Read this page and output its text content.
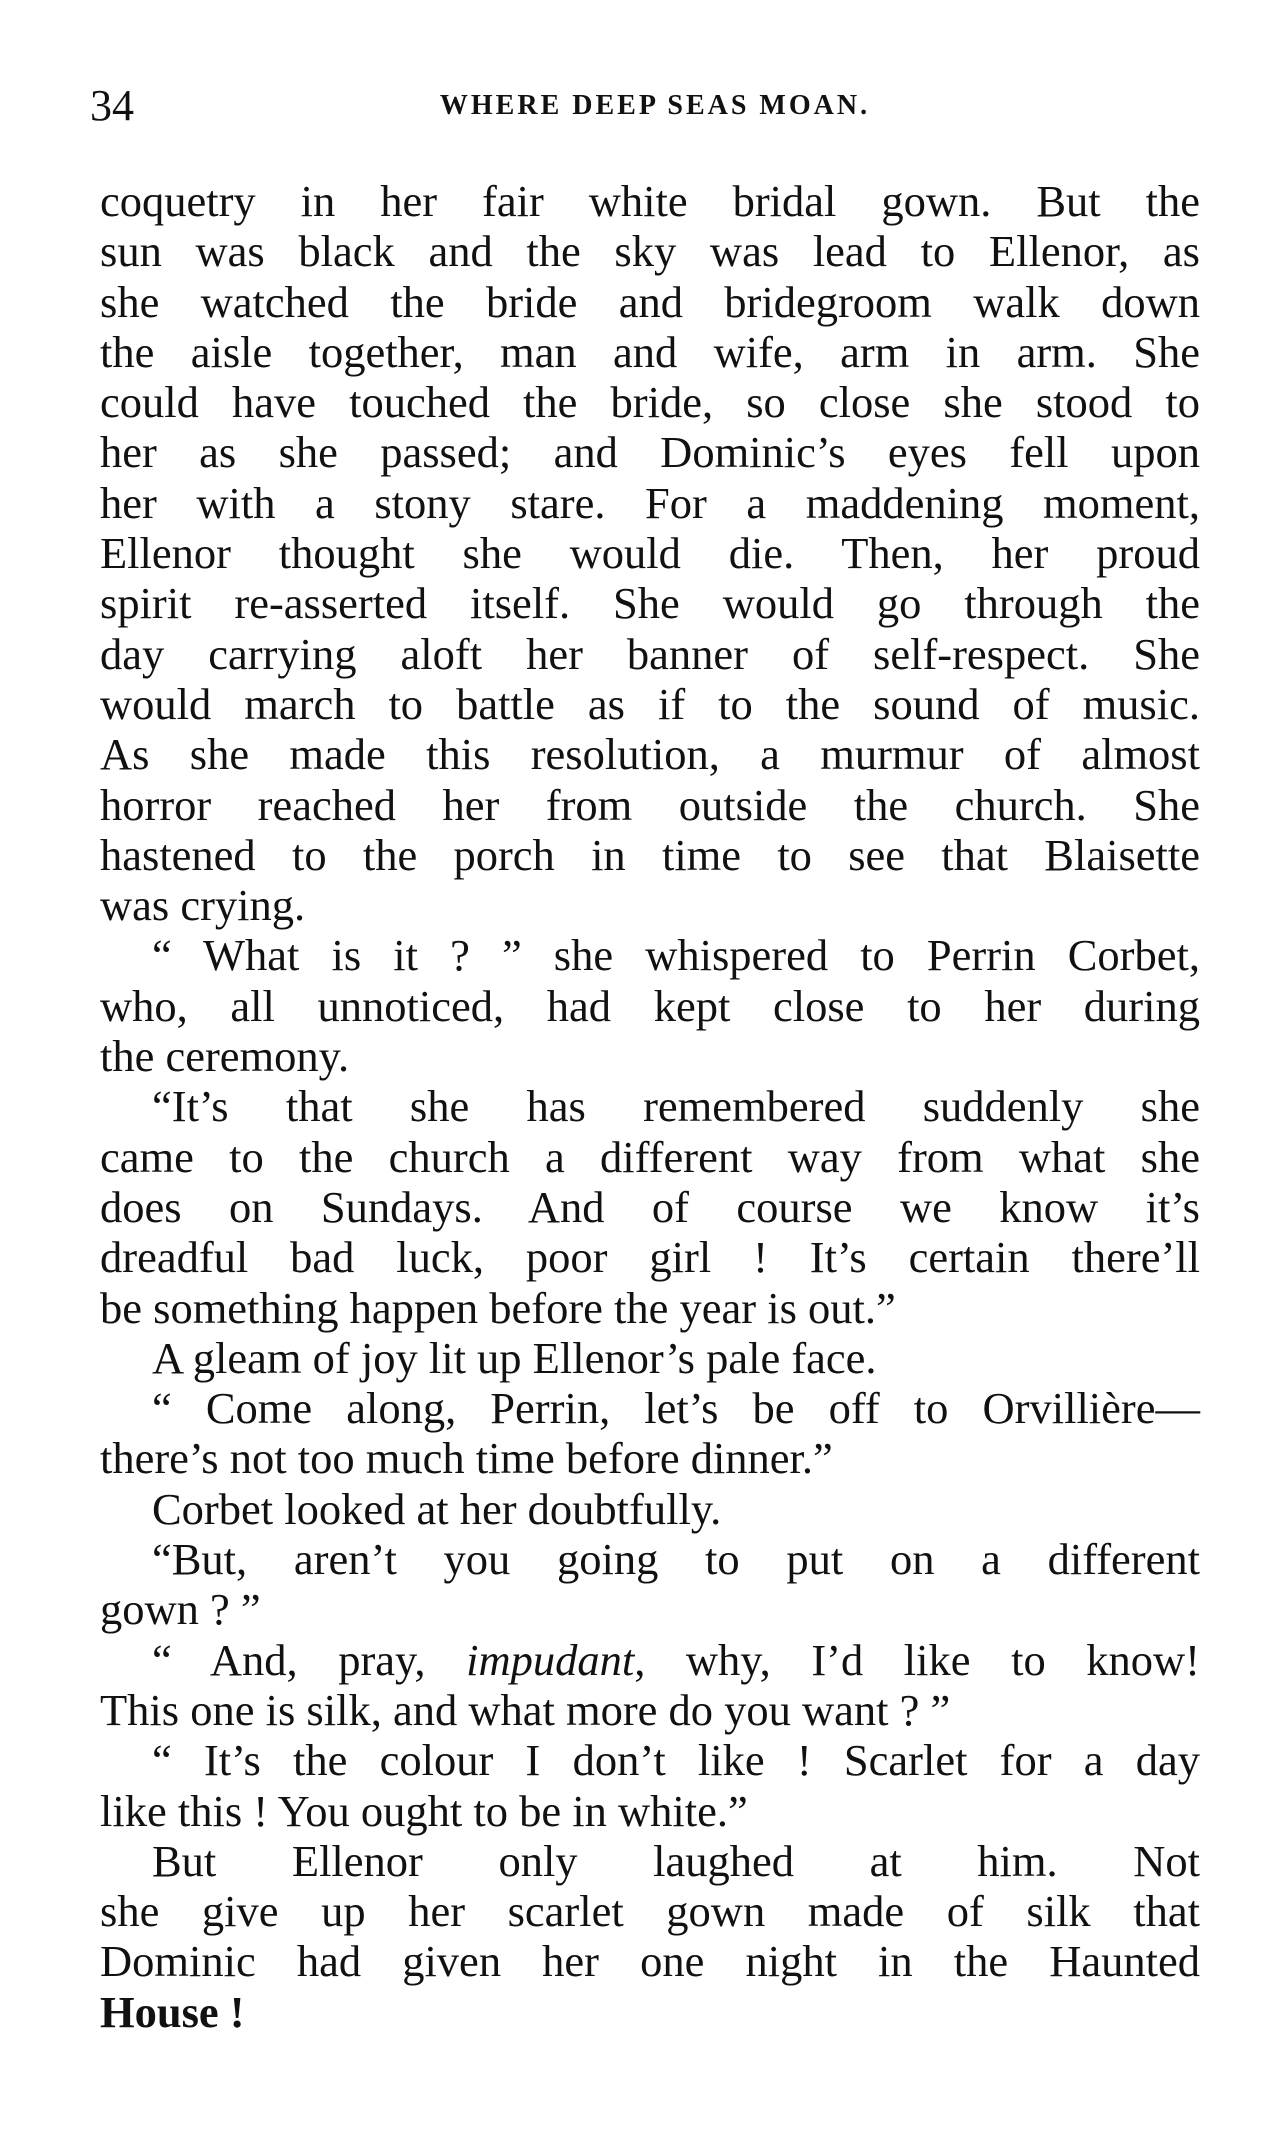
34	WHERE DEEP SEAS MOAN.
coquetry in her fair white bridal gown. But the
sun was black and the sky was lead to Ellenor, as
she watched the bride and bridegroom walk down
the aisle together, man and wife, arm in arm. She
could have touched the bride, so close she stood to
her as she passed; and Dominic’s eyes fell upon
her with a stony stare. For a maddening moment,
Ellenor thought she would die. Then, her proud
spirit re-asserted itself. She would go through the
day carrying aloft her banner of self-respect. She
would march to battle as if to the sound of music.
As she made this resolution, a murmur of almost
horror reached her from outside the church. She
hastened to the porch in time to see that Blaisette
was crying.
“ What is it ? ” she whispered to Perrin Corbet,
who, all unnoticed, had kept close to her during
the ceremony.
“It’s that she has remembered suddenly she
came to the church a different way from what she
does on Sundays. And of course we know it’s
dreadful bad luck, poor girl ! It’s certain there’ll
be something happen before the year is out.”
A gleam of joy lit up Ellenor’s pale face.
“ Come along, Perrin, let’s be off to Orvillière—
there’s not too much time before dinner.”
Corbet looked at her doubtfully.
“But, aren’t you going to put on a different
gown ? ”
“ And, pray, impudant, why, I’d like to know!
This one is silk, and what more do you want ? ”
“ It’s the colour I don’t like ! Scarlet for a day
like this ! You ought to be in white.”
But Ellenor only laughed at him. Not
she give up her scarlet gown made of silk that
Dominic had given her one night in the Haunted
House !
